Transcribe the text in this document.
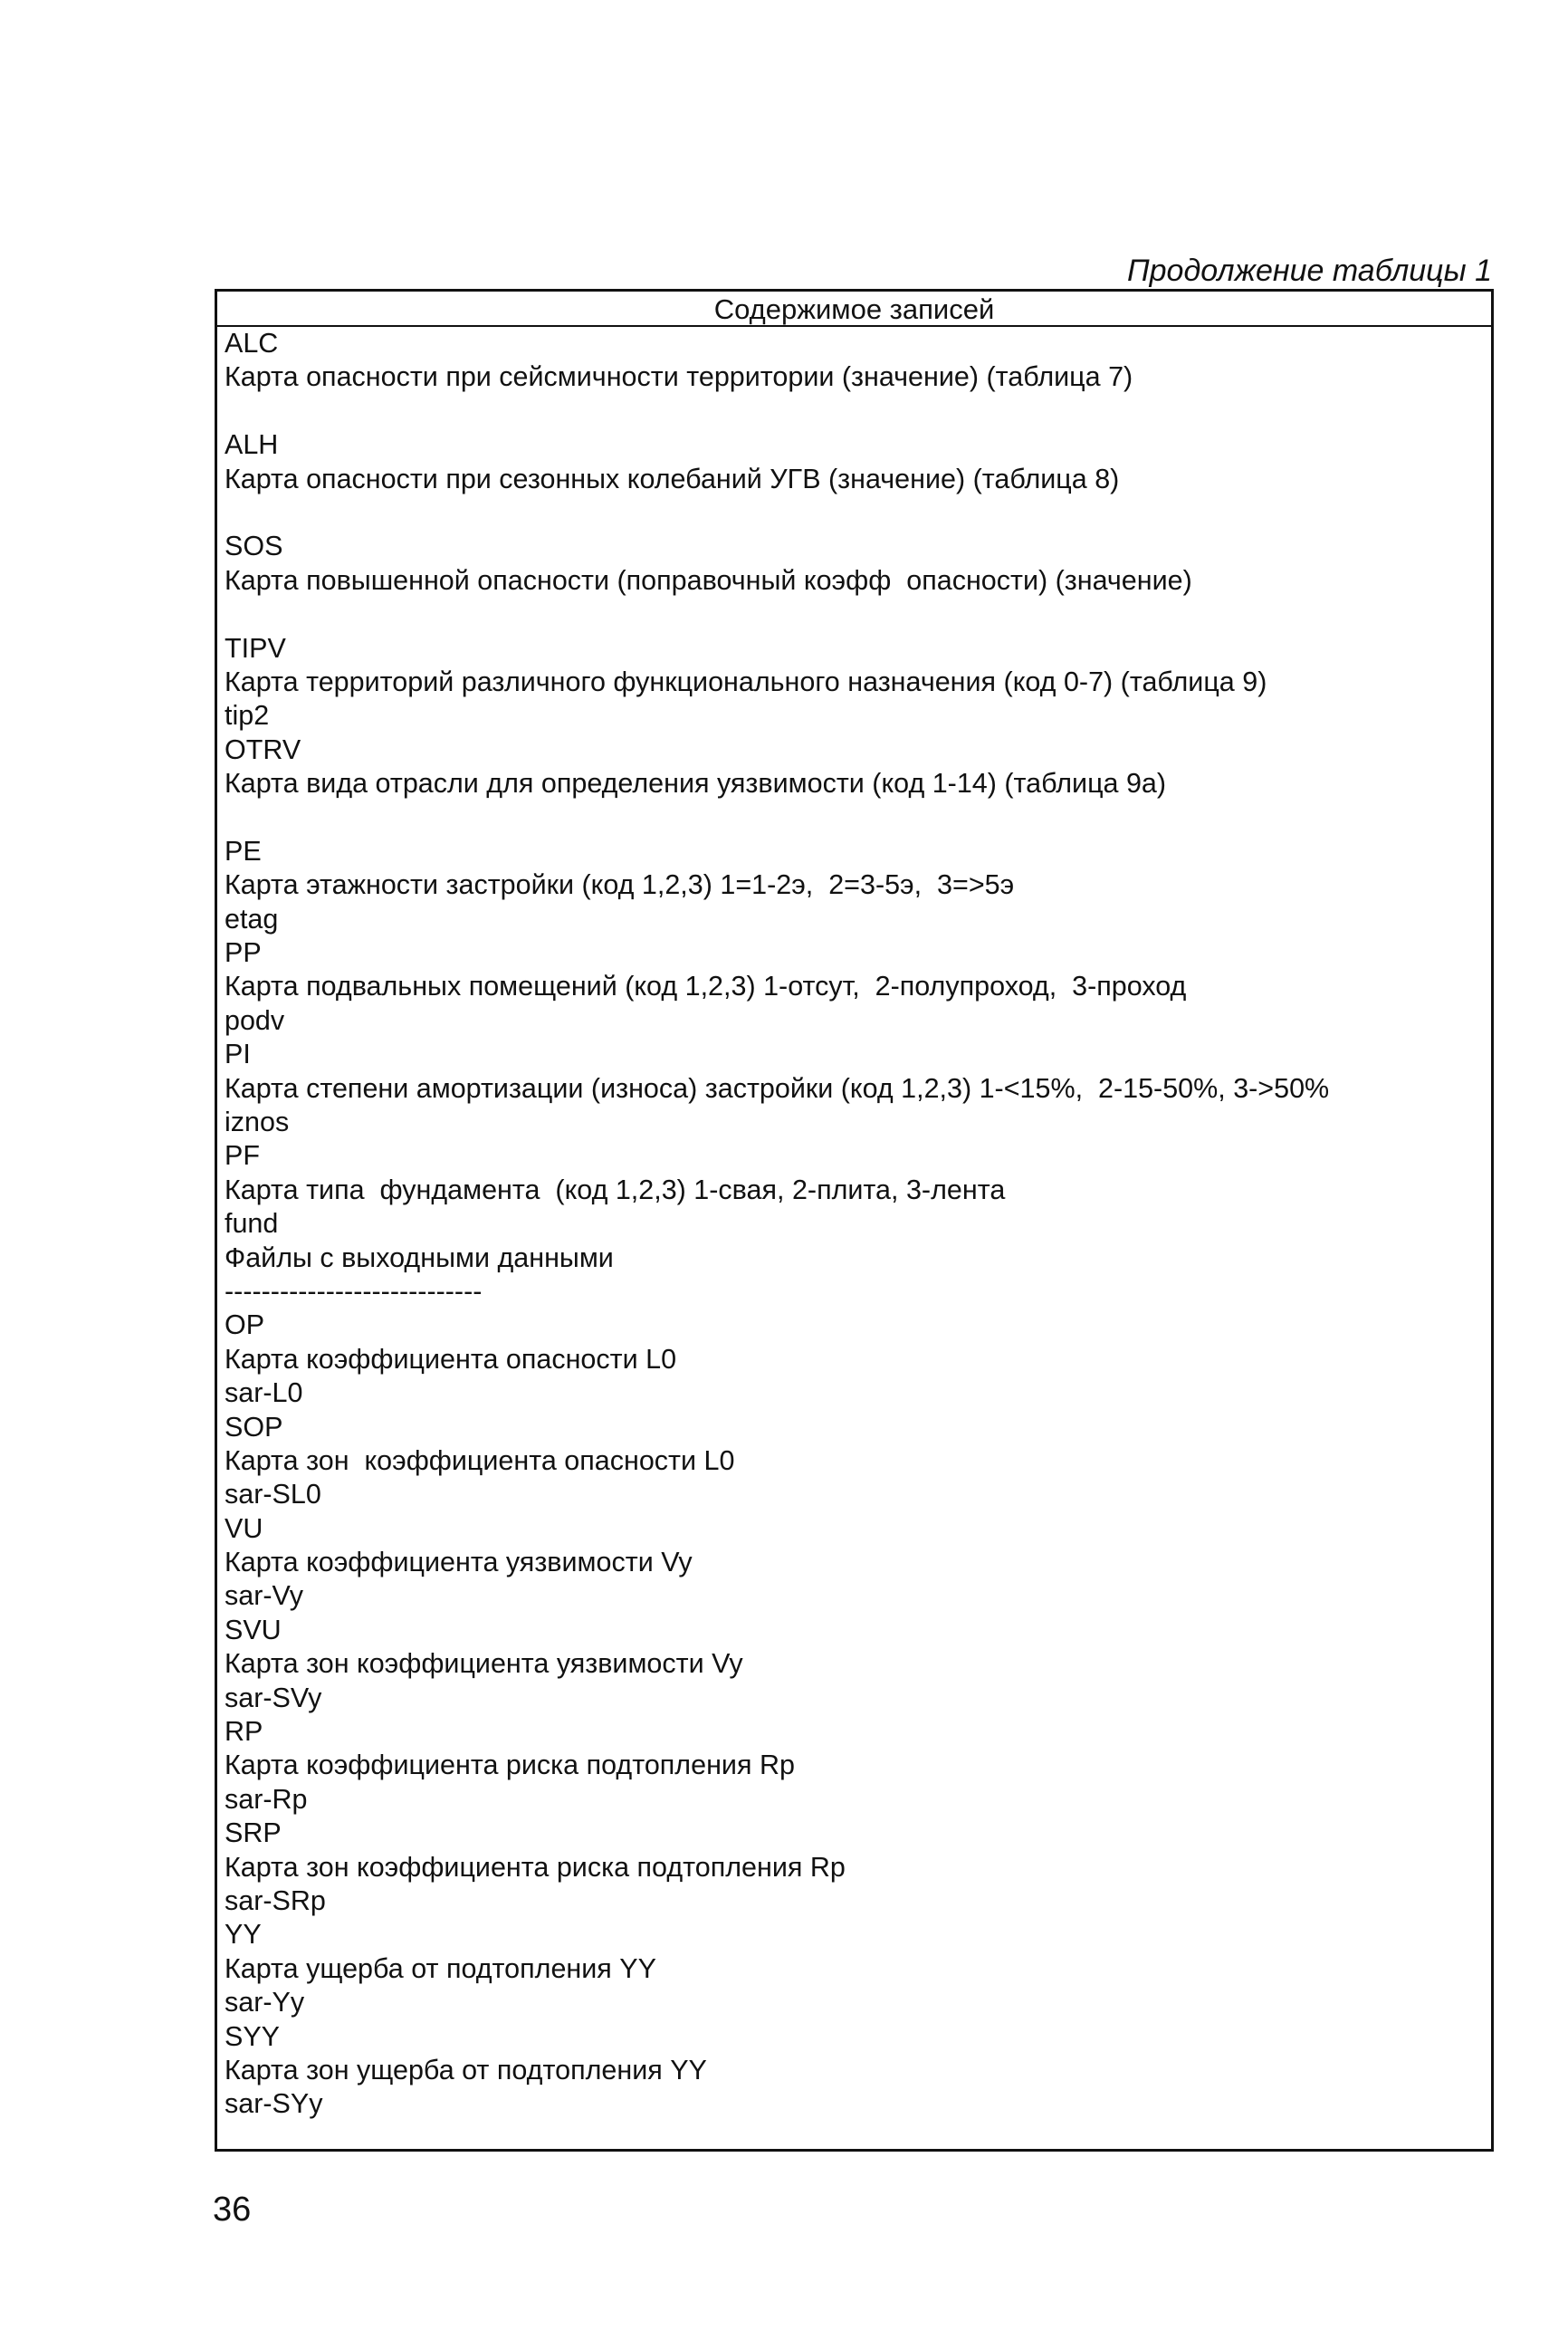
Продолжение таблицы 1
Содержимое записей
ALC
Карта опасности при сейсмичности территории (значение) (таблица 7)
ALH
Карта опасности при сезонных колебаний УГВ (значение) (таблица 8)
SOS
Карта повышенной опасности (поправочный коэфф  опасности) (значение)
TIPV
Карта территорий различного функционального назначения (код 0-7) (таблица 9)
tip2
OTRV
Карта вида отрасли для определения уязвимости (код 1-14) (таблица 9а)
PE
Карта этажности застройки (код 1,2,3) 1=1-2э,  2=3-5э,  3=>5э
etag
PP
Карта подвальных помещений (код 1,2,3) 1-отсут,  2-полупроход,  3-проход
podv
PI
Карта степени амортизации (износа) застройки (код 1,2,3) 1-<15%,  2-15-50%, 3->50%
iznos
PF
Карта типа  фундамента  (код 1,2,3) 1-свая, 2-плита, 3-лента
fund
Файлы с выходными данными
----------------------------
OP
Карта коэффициента опасности L0
sar-L0
SOP
Карта зон  коэффициента опасности L0
sar-SL0
VU
Карта коэффициента уязвимости Vy
sar-Vy
SVU
Карта зон коэффициента уязвимости Vy
sar-SVy
RP
Карта коэффициента риска подтопления Rp
sar-Rp
SRP
Карта зон коэффициента риска подтопления Rp
sar-SRp
YY
Карта ущерба от подтопления YY
sar-Yy
SYY
Карта зон ущерба от подтопления YY
sar-SYy
36
